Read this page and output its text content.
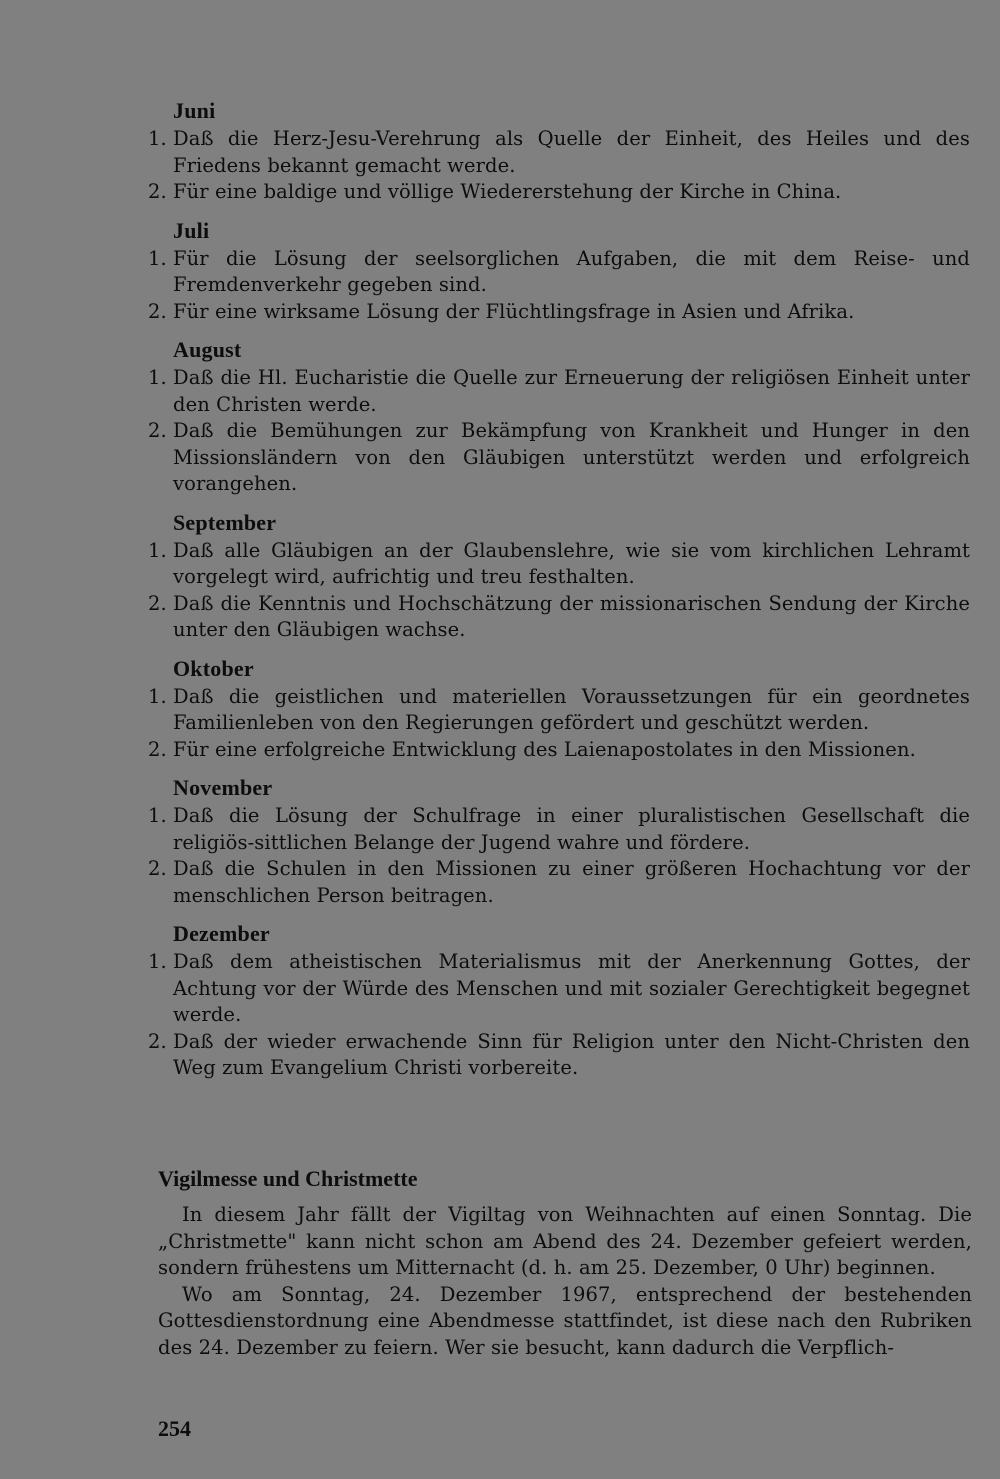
Juni
1. Daß die Herz-Jesu-Verehrung als Quelle der Einheit, des Heiles und des Friedens bekannt gemacht werde.
2. Für eine baldige und völlige Wiedererstehung der Kirche in China.
Juli
1. Für die Lösung der seelsorglichen Aufgaben, die mit dem Reise- und Fremdenverkehr gegeben sind.
2. Für eine wirksame Lösung der Flüchtlingsfrage in Asien und Afrika.
August
1. Daß die Hl. Eucharistie die Quelle zur Erneuerung der religiösen Einheit unter den Christen werde.
2. Daß die Bemühungen zur Bekämpfung von Krankheit und Hunger in den Missionsländern von den Gläubigen unterstützt werden und erfolgreich vorangehen.
September
1. Daß alle Gläubigen an der Glaubenslehre, wie sie vom kirchlichen Lehramt vorgelegt wird, aufrichtig und treu festhalten.
2. Daß die Kenntnis und Hochschätzung der missionarischen Sendung der Kirche unter den Gläubigen wachse.
Oktober
1. Daß die geistlichen und materiellen Voraussetzungen für ein geordnetes Familienleben von den Regierungen gefördert und geschützt werden.
2. Für eine erfolgreiche Entwicklung des Laienapostolates in den Missionen.
November
1. Daß die Lösung der Schulfrage in einer pluralistischen Gesellschaft die religiös-sittlichen Belange der Jugend wahre und fördere.
2. Daß die Schulen in den Missionen zu einer größeren Hochachtung vor der menschlichen Person beitragen.
Dezember
1. Daß dem atheistischen Materialismus mit der Anerkennung Gottes, der Achtung vor der Würde des Menschen und mit sozialer Gerechtigkeit begegnet werde.
2. Daß der wieder erwachende Sinn für Religion unter den Nicht-Christen den Weg zum Evangelium Christi vorbereite.
Vigilmesse und Christmette

In diesem Jahr fällt der Vigiltag von Weihnachten auf einen Sonntag. Die „Christmette" kann nicht schon am Abend des 24. Dezember gefeiert werden, sondern frühestens um Mitternacht (d. h. am 25. Dezember, 0 Uhr) beginnen.

Wo am Sonntag, 24. Dezember 1967, entsprechend der bestehenden Gottesdienstordnung eine Abendmesse stattfindet, ist diese nach den Rubriken des 24. Dezember zu feiern. Wer sie besucht, kann dadurch die Verpflich-

254
